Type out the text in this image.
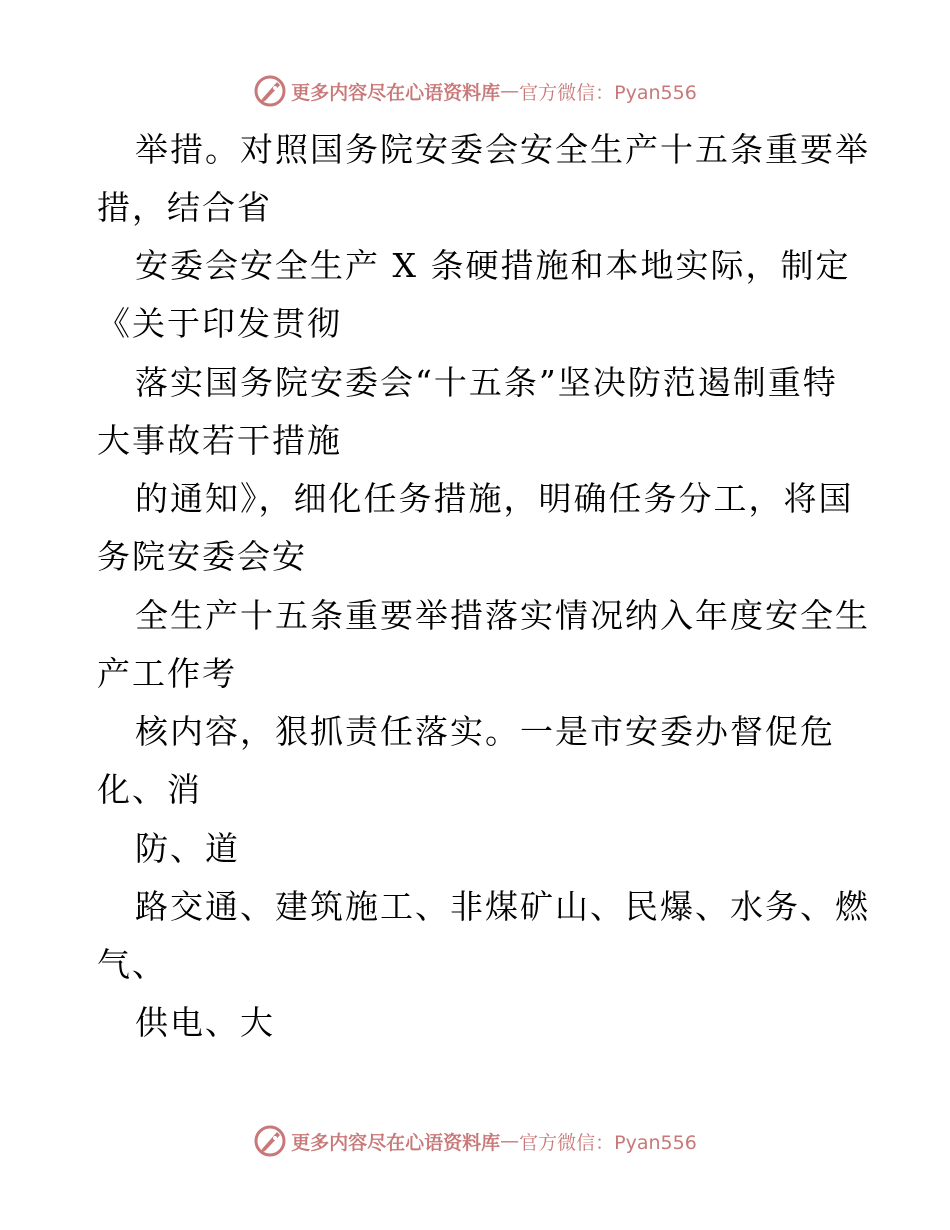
更多内容尽在心语资料库 — 官方微信：Pyan556
举措。对照国务院安委会安全生产十五条重要举
措，结合省
安委会安全生产 X 条硬措施和本地实际，制定
《关于印发贯彻
落实国务院安委会“十五条”坚决防范遏制重特
大事故若干措施
的通知》，细化任务措施，明确任务分工，将国
务院安委会安
全生产十五条重要举措落实情况纳入年度安全生
产工作考
核内容，狠抓责任落实。一是市安委办督促危
化、消
防、道
路交通、建筑施工、非煤矿山、民爆、水务、燃
气、
供电、大
更多内容尽在心语资料库 — 官方微信：Pyan556
